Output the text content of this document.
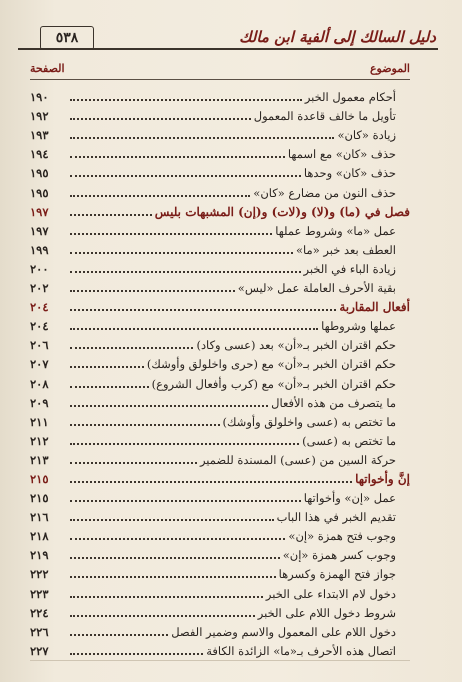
دليل السالك إلى ألفية ابن مالك
٥٣٨
الموضوع
الصفحة
أحكام معمول الخبر
١٩٠
تأويل ما خالف قاعدة المعمول
١٩٢
زيادة «كان»
١٩٣
حذف «كان» مع اسمها
١٩٤
حذف «كان» وحدها
١٩٥
حذف النون من مضارع «كان»
١٩٥
فصل في (ما) و(لا) و(لات) و(إن) المشبهات بليس
١٩٧
عمل «ما» وشروط عملها
١٩٧
العطف بعد خبر «ما»
١٩٩
زيادة الباء في الخبر
٢٠٠
بقية الأحرف العاملة عمل «ليس»
٢٠٢
أفعال المقاربة
٢٠٤
عملها وشروطها
٢٠٤
حكم اقتران الخبر بـ«أن» بعد (عسى وكاد)
٢٠٦
حكم اقتران الخبر بـ«أن» مع (حرى واخلولق وأوشك)
٢٠٧
حكم اقتران الخبر بـ«أن» مع (كرب وأفعال الشروع)
٢٠٨
ما يتصرف من هذه الأفعال
٢٠٩
ما تختص به (عسى واخلولق وأوشك)
٢١١
ما تختص به (عسى)
٢١٢
حركة السين من (عسى) المسندة للضمير
٢١٣
إنَّ وأخواتها
٢١٥
عمل «إن» وأخواتها
٢١٥
تقديم الخبر في هذا الباب
٢١٦
وجوب فتح همزة «إن»
٢١٨
وجوب كسر همزة «إن»
٢١٩
جواز فتح الهمزة وكسرها
٢٢٢
دخول لام الابتداء على الخبر
٢٢٣
شروط دخول اللام على الخبر
٢٢٤
دخول اللام على المعمول والاسم وضمير الفصل
٢٢٦
اتصال هذه الأحرف بـ«ما» الزائدة الكافة
٢٢٧
